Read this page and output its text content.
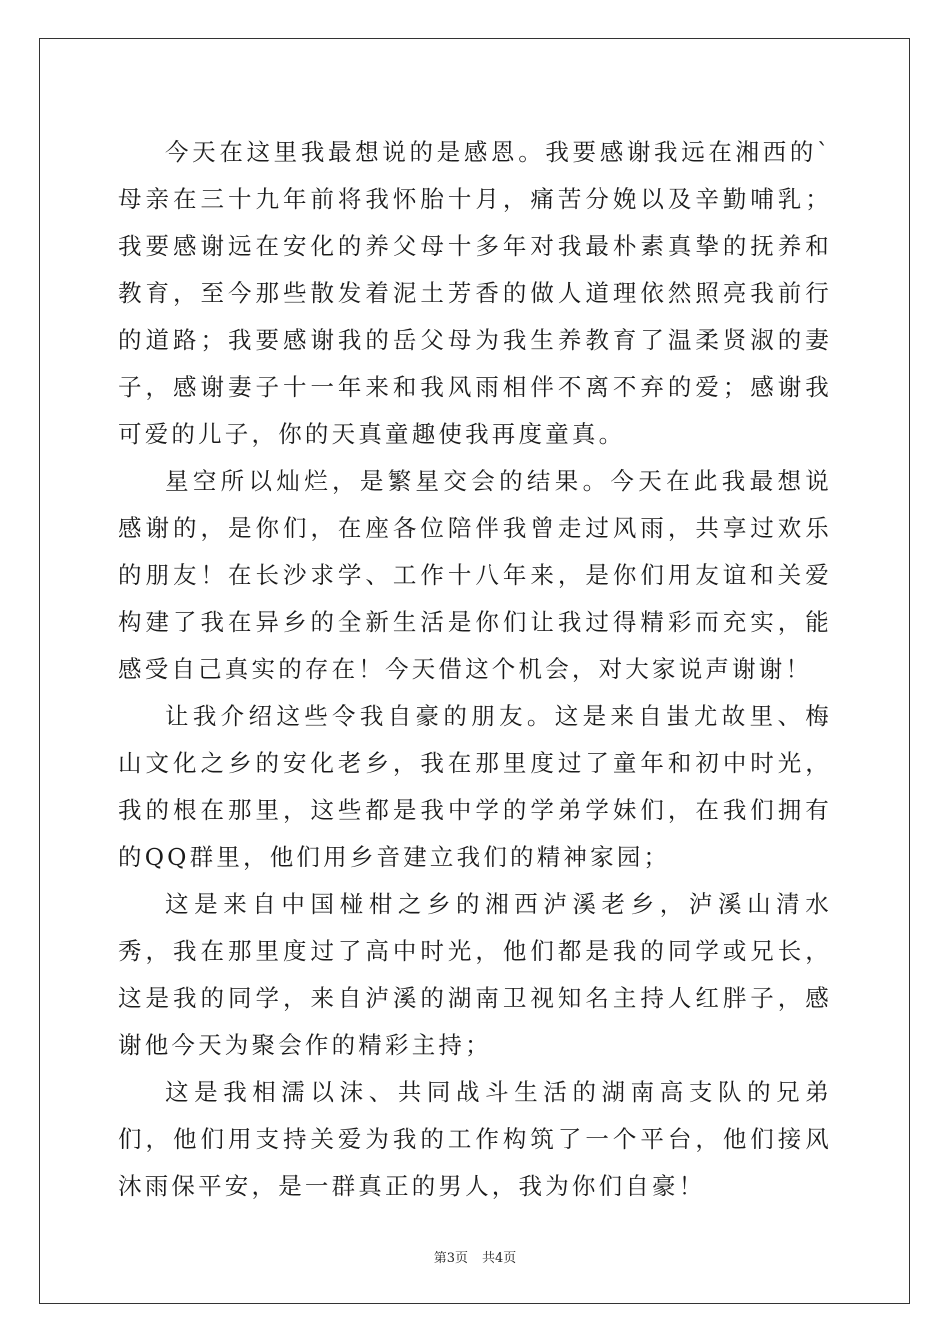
今天在这里我最想说的是感恩。我要感谢我远在湘西的`母亲在三十九年前将我怀胎十月，痛苦分娩以及辛勤哺乳；我要感谢远在安化的养父母十多年对我最朴素真挚的抚养和教育，至今那些散发着泥土芳香的做人道理依然照亮我前行的道路；我要感谢我的岳父母为我生养教育了温柔贤淑的妻子，感谢妻子十一年来和我风雨相伴不离不弃的爱；感谢我可爱的儿子，你的天真童趣使我再度童真。

星空所以灿烂，是繁星交会的结果。今天在此我最想说感谢的，是你们，在座各位陪伴我曾走过风雨，共享过欢乐的朋友！在长沙求学、工作十八年来，是你们用友谊和关爱构建了我在异乡的全新生活是你们让我过得精彩而充实，能感受自己真实的存在！今天借这个机会，对大家说声谢谢！

让我介绍这些令我自豪的朋友。这是来自蚩尤故里、梅山文化之乡的安化老乡，我在那里度过了童年和初中时光，我的根在那里，这些都是我中学的学弟学妹们，在我们拥有的QQ群里，他们用乡音建立我们的精神家园；

这是来自中国椪柑之乡的湘西泸溪老乡，泸溪山清水秀，我在那里度过了高中时光，他们都是我的同学或兄长，这是我的同学，来自泸溪的湖南卫视知名主持人红胖子，感谢他今天为聚会作的精彩主持；

这是我相濡以沫、共同战斗生活的湖南高支队的兄弟们，他们用支持关爱为我的工作构筑了一个平台，他们接风沐雨保平安，是一群真正的男人，我为你们自豪！

第3页 共4页
